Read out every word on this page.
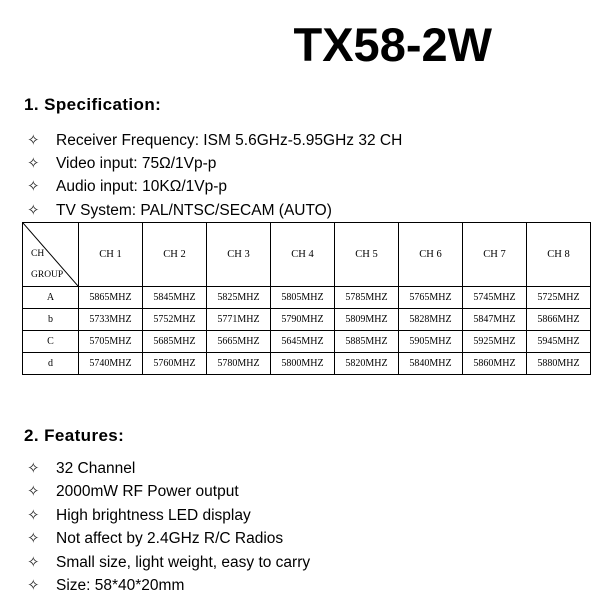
TX58-2W
1. Specification:
✧ Receiver Frequency: ISM 5.6GHz-5.95GHz 32 CH
✧ Video input: 75Ω/1Vp-p
✧ Audio input: 10KΩ/1Vp-p
✧ TV System: PAL/NTSC/SECAM (AUTO)
CH
GROUP	CH 1	CH 2	CH 3	CH 4	CH 5	CH 6	CH 7	CH 8
A	5865MHZ	5845MHZ	5825MHZ	5805MHZ	5785MHZ	5765MHZ	5745MHZ	5725MHZ
b	5733MHZ	5752MHZ	5771MHZ	5790MHZ	5809MHZ	5828MHZ	5847MHZ	5866MHZ
C	5705MHZ	5685MHZ	5665MHZ	5645MHZ	5885MHZ	5905MHZ	5925MHZ	5945MHZ
d	5740MHZ	5760MHZ	5780MHZ	5800MHZ	5820MHZ	5840MHZ	5860MHZ	5880MHZ
2. Features:
✧ 32 Channel
✧ 2000mW RF Power output
✧ High brightness LED display
✧ Not affect by 2.4GHz R/C Radios
✧ Small size, light weight, easy to carry
✧ Size: 58*40*20mm
